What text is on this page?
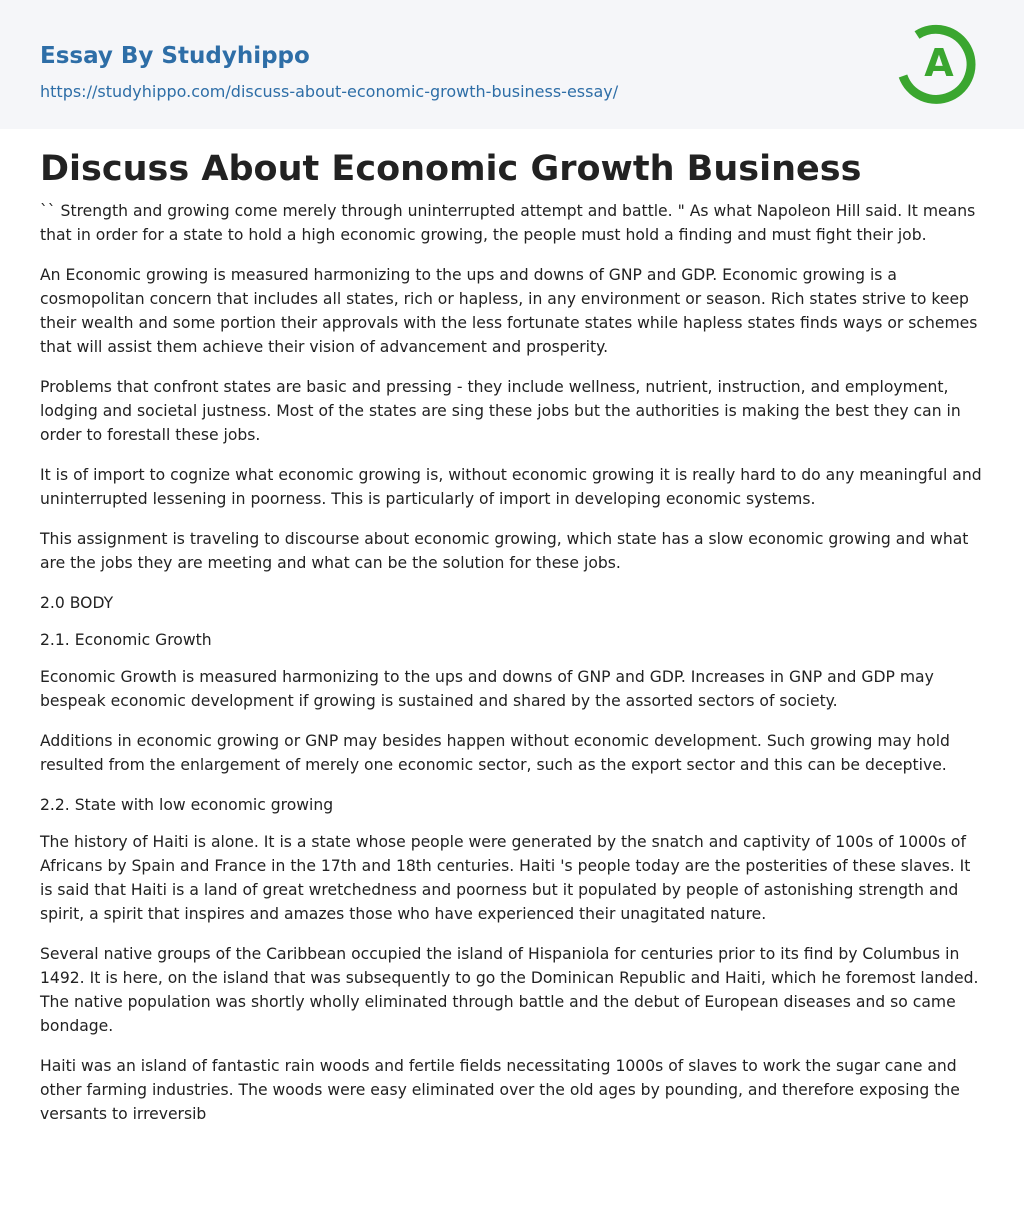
Essay By Studyhippo
https://studyhippo.com/discuss-about-economic-growth-business-essay/
A
Discuss About Economic Growth Business

`` Strength and growing come merely through uninterrupted attempt and battle. " As what Napoleon Hill said. It means that in order for a state to hold a high economic growing, the people must hold a finding and must fight their job.

An Economic growing is measured harmonizing to the ups and downs of GNP and GDP. Economic growing is a cosmopolitan concern that includes all states, rich or hapless, in any environment or season. Rich states strive to keep their wealth and some portion their approvals with the less fortunate states while hapless states finds ways or schemes that will assist them achieve their vision of advancement and prosperity.

Problems that confront states are basic and pressing - they include wellness, nutrient, instruction, and employment, lodging and societal justness. Most of the states are sing these jobs but the authorities is making the best they can in order to forestall these jobs.

It is of import to cognize what economic growing is, without economic growing it is really hard to do any meaningful and uninterrupted lessening in poorness. This is particularly of import in developing economic systems.

This assignment is traveling to discourse about economic growing, which state has a slow economic growing and what are the jobs they are meeting and what can be the solution for these jobs.

2.0 BODY

2.1. Economic Growth

Economic Growth is measured harmonizing to the ups and downs of GNP and GDP. Increases in GNP and GDP may bespeak economic development if growing is sustained and shared by the assorted sectors of society.

Additions in economic growing or GNP may besides happen without economic development. Such growing may hold resulted from the enlargement of merely one economic sector, such as the export sector and this can be deceptive.

2.2. State with low economic growing

The history of Haiti is alone. It is a state whose people were generated by the snatch and captivity of 100s of 1000s of Africans by Spain and France in the 17th and 18th centuries. Haiti 's people today are the posterities of these slaves. It is said that Haiti is a land of great wretchedness and poorness but it populated by people of astonishing strength and spirit, a spirit that inspires and amazes those who have experienced their unagitated nature.

Several native groups of the Caribbean occupied the island of Hispaniola for centuries prior to its find by Columbus in 1492. It is here, on the island that was subsequently to go the Dominican Republic and Haiti, which he foremost landed. The native population was shortly wholly eliminated through battle and the debut of European diseases and so came bondage.

Haiti was an island of fantastic rain woods and fertile fields necessitating 1000s of slaves to work the sugar cane and other farming industries. The woods were easy eliminated over the old ages by pounding, and therefore exposing the versants to irreversib
